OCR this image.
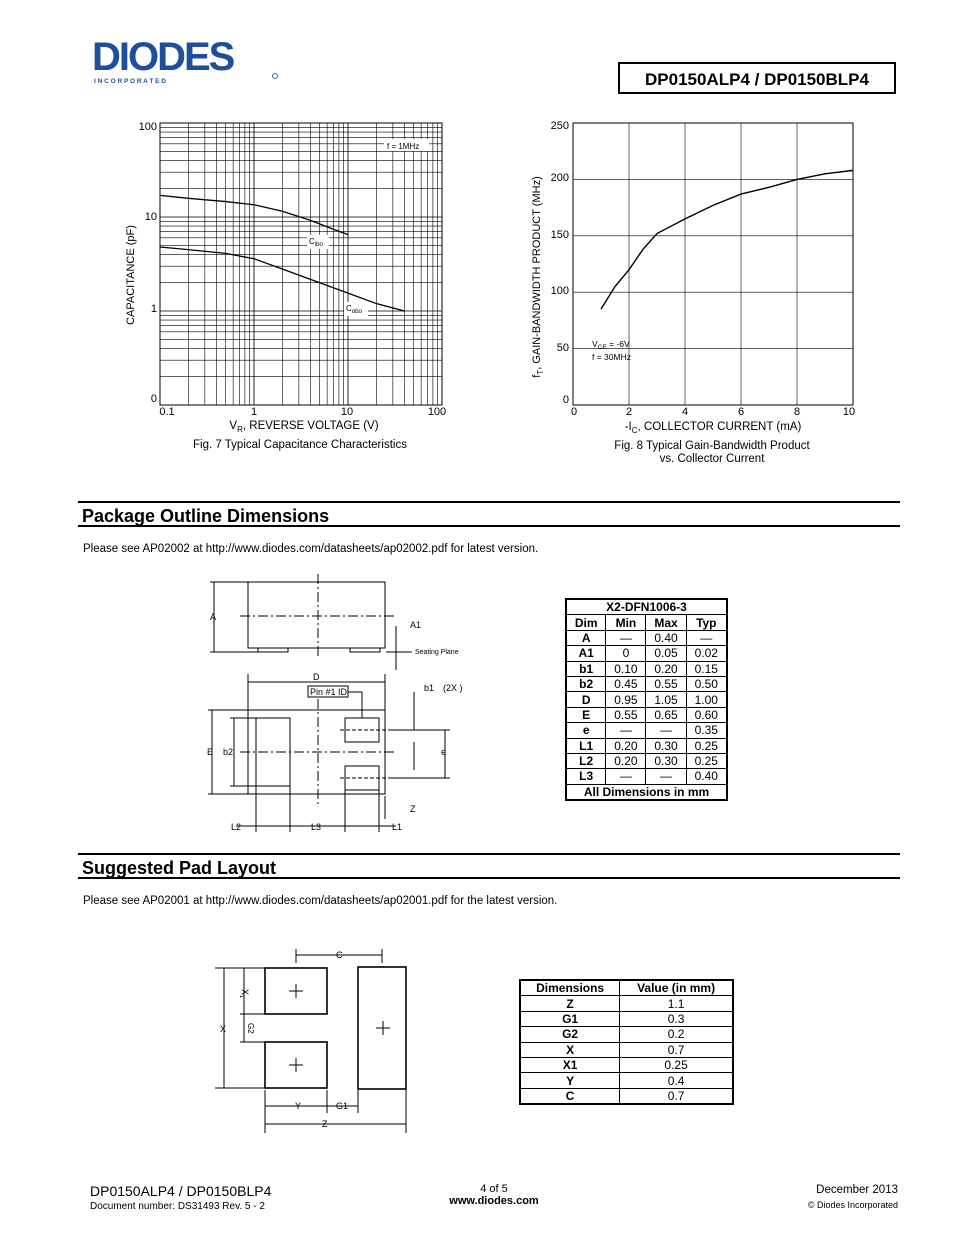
DIODES
I N C O R P O R A T E D	DP0150ALP4 / DP0150BLP4
f = 1MHz
$C_{ibo}$
$C_{obo}$
100
10
1
0
0.1	1	10	100
CAPACITANCE (pF)
$V_R$, REVERSE VOLTAGE (V)
Fig. 7 Typical Capacitance Characteristics
250
200
150
100
50
0
0	2	4	6	8	10
$V_{CE} = -6V$
f = 30MHz
$f_T$, GAIN-BANDWIDTH PRODUCT (MHz)
$-I_C$, COLLECTOR CURRENT (mA)
Fig. 8 Typical Gain-Bandwidth Product
vs. Collector Current
Package Outline Dimensions
Please see AP02002 at http://www.diodes.com/datasheets/ap02002.pdf for latest version.
A
A1
Seating Plane
D
Pin #1 ID	b1 (2X )
E b2	e
Z
L2	L3	L1
X2-DFN1006-3			
Dim	Min	Max	Typ
A	—	0.40	—
A1	0	0.05	0.02
b1	0.10	0.20	0.15
b2	0.45	0.55	0.50
D	0.95	1.05	1.00
E	0.55	0.65	0.60
e	—	—	0.35
L1	0.20	0.30	0.25
L2	0.20	0.30	0.25
L3	—	—	0.40
All Dimensions in mm			
Suggested Pad Layout
Please see AP02001 at http://www.diodes.com/datasheets/ap02001.pdf for the latest version.
C
$X_1$
X G2
Y	G1
Z
Dimensions	Value (in mm)
Z	1.1
G1	0.3
G2	0.2
X	0.7
X1	0.25
Y	0.4
C	0.7
DP0150ALP4 / DP0150BLP4
Document number: DS31493 Rev. 5 - 2
4 of 5
www.diodes.com
December 2013
© Diodes Incorporated
